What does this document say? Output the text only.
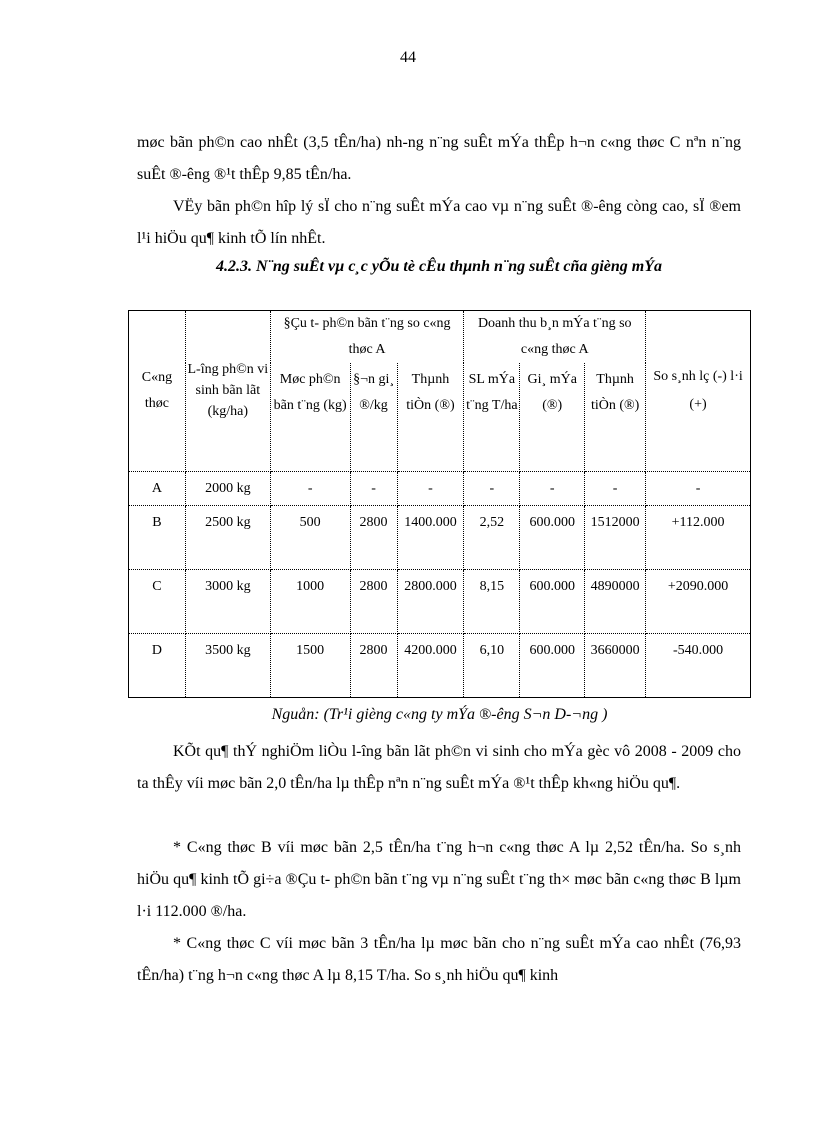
44

møc bãn ph©n cao nhÊt (3,5 tÊn/ha) nh-ng n¨ng suÊt mÝa thÊp h¬n c«ng thøc C nªn n¨ng suÊt ®-êng ®¹t thÊp 9,85 tÊn/ha.

VËy bãn ph©n hîp lý sÏ cho n¨ng suÊt mÝa cao vµ n¨ng suÊt ®-êng còng cao, sÏ ®em l¹i hiÖu qu¶ kinh tÕ lín nhÊt.

4.2.3. N¨ng suÊt vµ c¸c yÕu tè cÊu thµnh n¨ng suÊt cña gièng mÝa

C«ng thøc	L-îng ph©n vi sinh bãn lãt (kg/ha)	§Çu t- ph©n bãn t¨ng so c«ng thøc A			Doanh thu b¸n mÝa t¨ng so c«ng thøc A			So s¸nh lç (-) l·i (+)
		Møc ph©n bãn t¨ng (kg)	§¬n gi¸ ®/kg	Thµnh tiÒn (®)	SL mÝa t¨ng T/ha	Gi¸ mÝa (®)	Thµnh tiÒn (®)	
A	2000 kg	-	-	-	-	-	-	-
B	2500 kg	500	2800	1400.000	2,52	600.000	1512000	+112.000
C	3000 kg	1000	2800	2800.000	8,15	600.000	4890000	+2090.000
D	3500 kg	1500	2800	4200.000	6,10	600.000	3660000	-540.000
Nguån: (Tr¹i gièng c«ng ty mÝa ®-êng S¬n D-¬ng )

KÕt qu¶ thÝ nghiÖm liÒu l-îng bãn lãt ph©n vi sinh cho mÝa gèc vô 2008 - 2009 cho ta thÊy víi møc bãn 2,0 tÊn/ha lµ thÊp nªn n¨ng suÊt mÝa ®¹t thÊp kh«ng hiÖu qu¶.

* C«ng thøc B víi møc bãn 2,5 tÊn/ha t¨ng h¬n c«ng thøc A lµ 2,52 tÊn/ha. So s¸nh hiÖu qu¶ kinh tÕ gi÷a ®Çu t- ph©n bãn t¨ng vµ n¨ng suÊt t¨ng th× møc bãn c«ng thøc B lµm l·i 112.000 ®/ha.

* C«ng thøc C víi møc bãn 3 tÊn/ha lµ møc bãn cho n¨ng suÊt mÝa cao nhÊt (76,93 tÊn/ha) t¨ng h¬n c«ng thøc A lµ 8,15 T/ha. So s¸nh hiÖu qu¶ kinh
